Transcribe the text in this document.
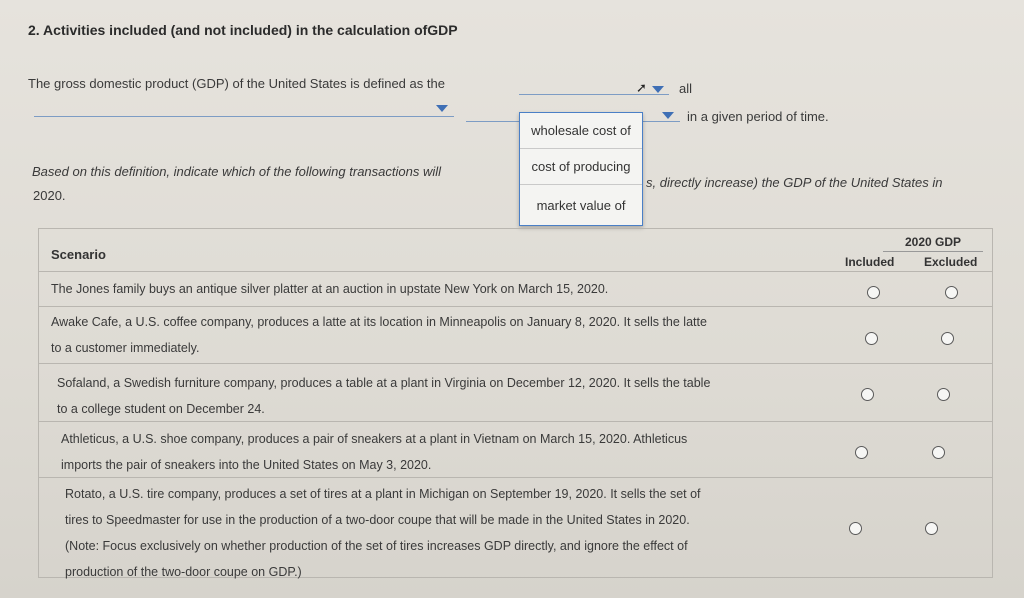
2. Activities included (and not included) in the calculation ofGDP
The gross domestic product (GDP) of the United States is defined as the	➚ all
in a given period of time.
Based on this definition, indicate which of the following transactions will
s, directly increase) the GDP of the United States in
2020.
wholesale cost of
cost of producing
market value of
Scenario
2020 GDP
Included Excluded
The Jones family buys an antique silver platter at an auction in upstate New York on March 15, 2020.
Awake Cafe, a U.S. coffee company, produces a latte at its location in Minneapolis on January 8, 2020. It sells the latte
to a customer immediately.
Sofaland, a Swedish furniture company, produces a table at a plant in Virginia on December 12, 2020. It sells the table
to a college student on December 24.
Athleticus, a U.S. shoe company, produces a pair of sneakers at a plant in Vietnam on March 15, 2020. Athleticus
imports the pair of sneakers into the United States on May 3, 2020.
Rotato, a U.S. tire company, produces a set of tires at a plant in Michigan on September 19, 2020. It sells the set of
tires to Speedmaster for use in the production of a two-door coupe that will be made in the United States in 2020.
(Note: Focus exclusively on whether production of the set of tires increases GDP directly, and ignore the effect of
production of the two-door coupe on GDP.)
